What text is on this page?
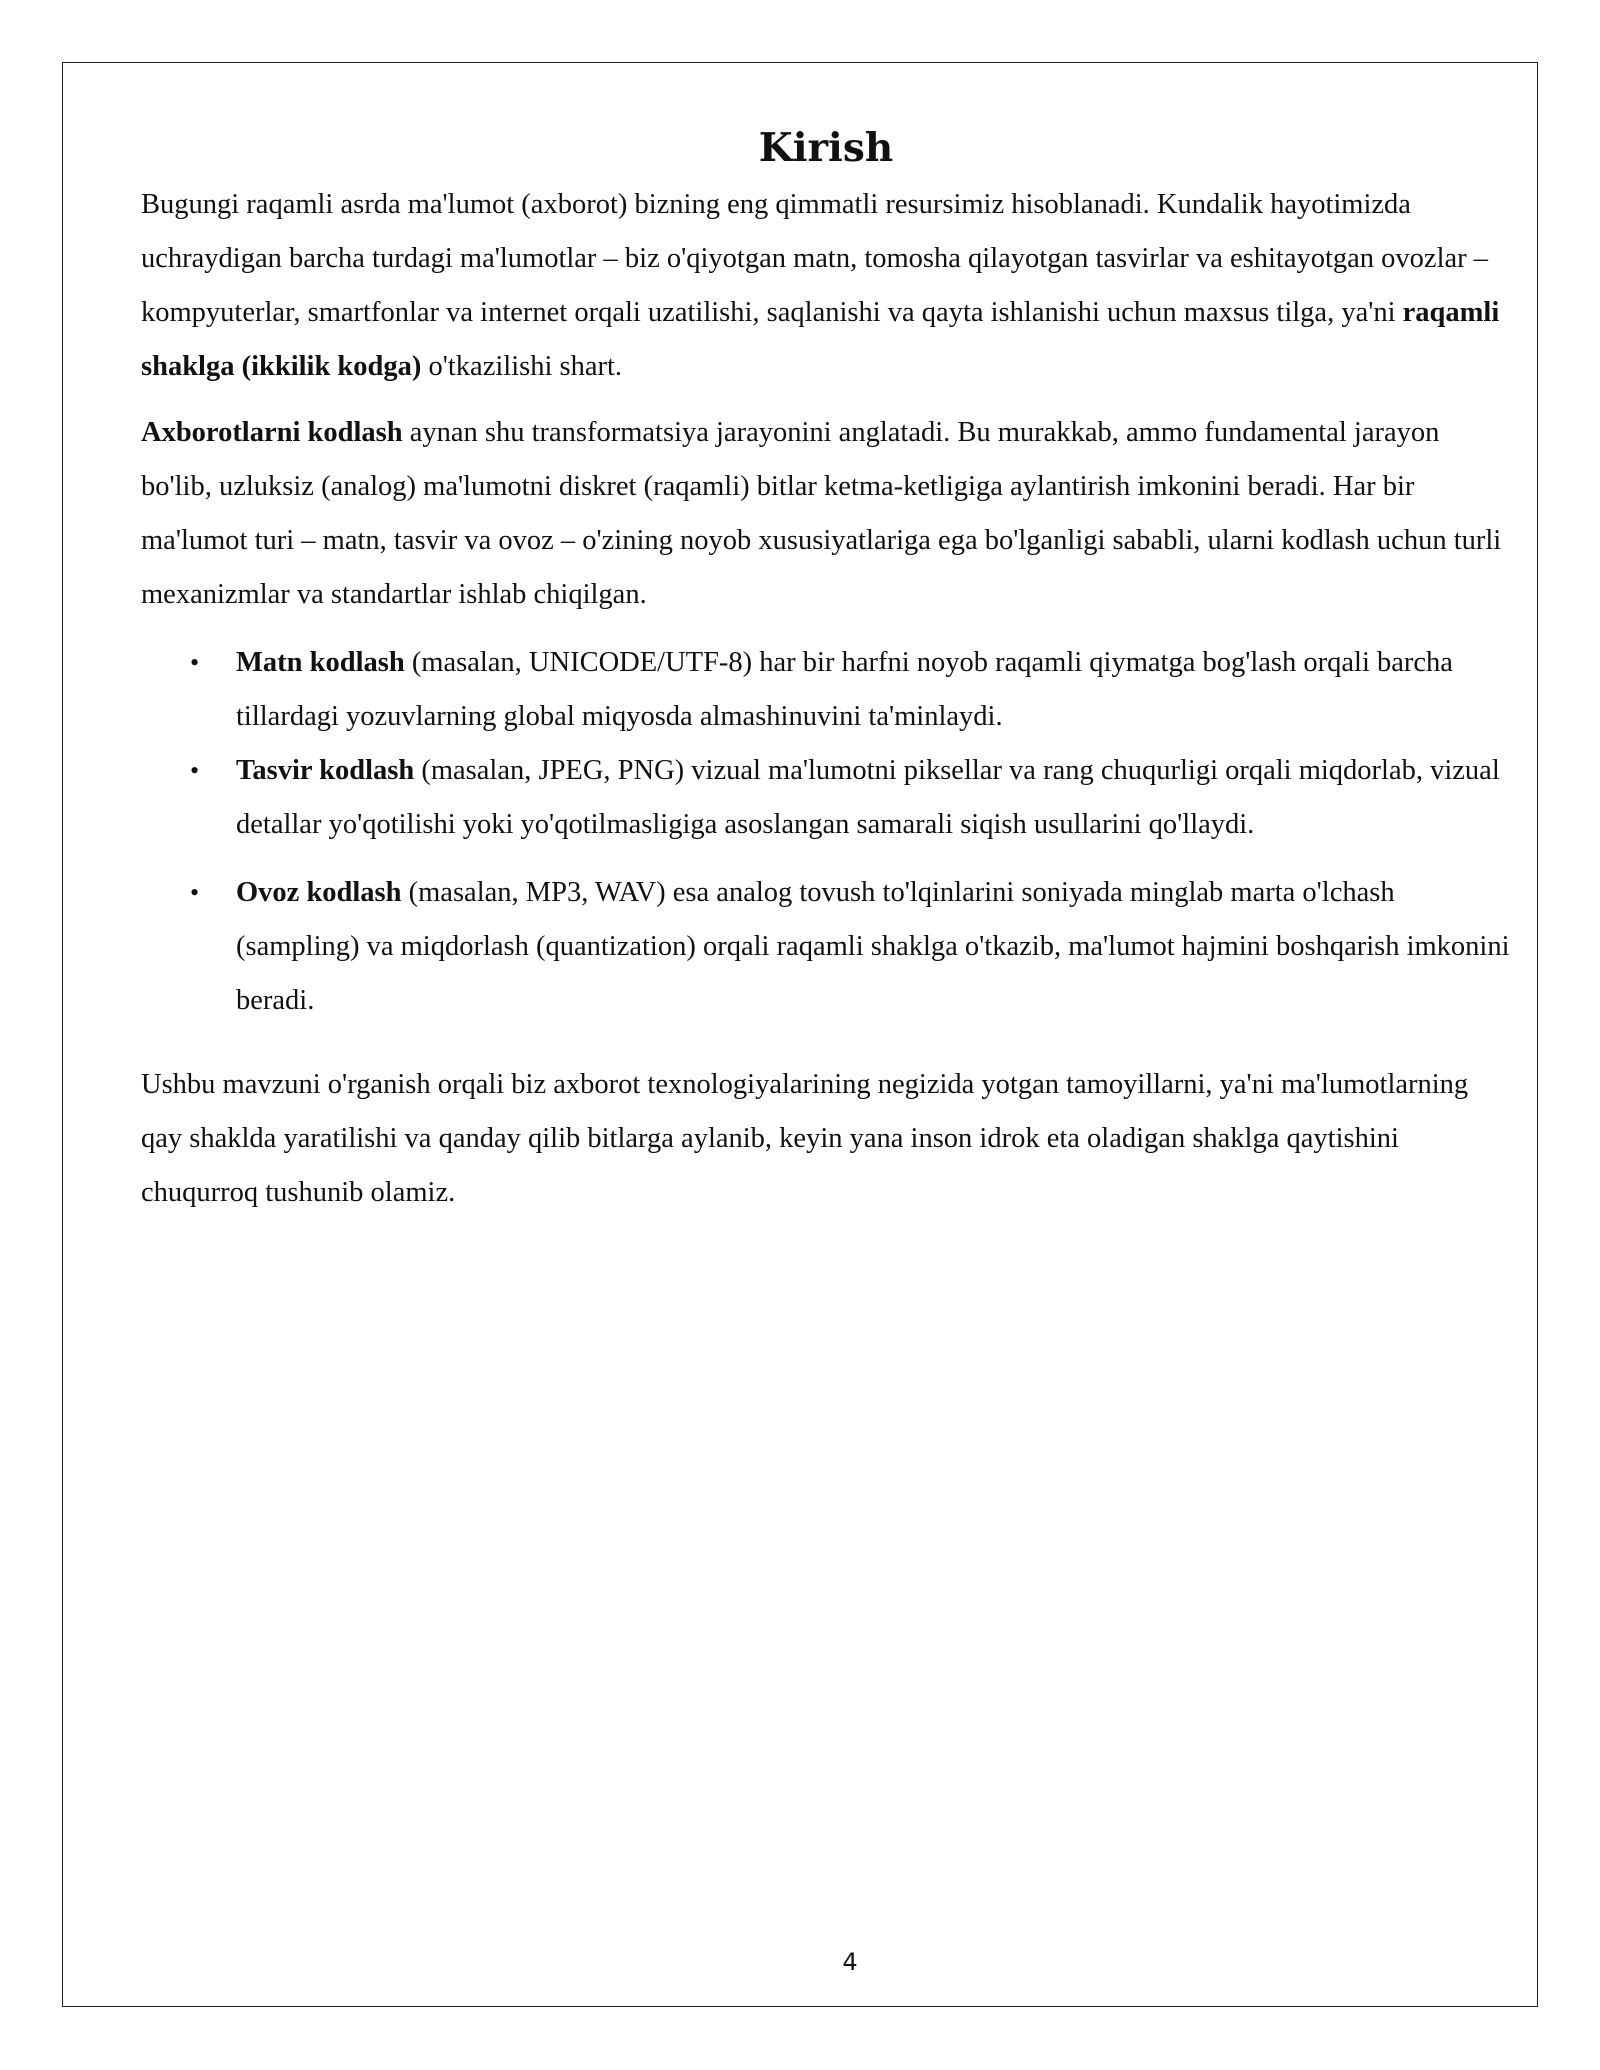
Kirish

Bugungi raqamli asrda ma'lumot (axborot) bizning eng qimmatli resursimiz hisoblanadi. Kundalik hayotimizda uchraydigan barcha turdagi ma'lumotlar – biz o'qiyotgan matn, tomosha qilayotgan tasvirlar va eshitayotgan ovozlar – kompyuterlar, smartfonlar va internet orqali uzatilishi, saqlanishi va qayta ishlanishi uchun maxsus tilga, ya'ni raqamli shaklga (ikkilik kodga) o'tkazilishi shart.

Axborotlarni kodlash aynan shu transformatsiya jarayonini anglatadi. Bu murakkab, ammo fundamental jarayon bo'lib, uzluksiz (analog) ma'lumotni diskret (raqamli) bitlar ketma-ketligiga aylantirish imkonini beradi. Har bir ma'lumot turi – matn, tasvir va ovoz – o'zining noyob xususiyatlariga ega bo'lganligi sababli, ularni kodlash uchun turli mexanizmlar va standartlar ishlab chiqilgan.

• Matn kodlash (masalan, UNICODE/UTF-8) har bir harfni noyob raqamli qiymatga bog'lash orqali barcha tillardagi yozuvlarning global miqyosda almashinuvini ta'minlaydi.
• Tasvir kodlash (masalan, JPEG, PNG) vizual ma'lumotni piksellar va rang chuqurligi orqali miqdorlab, vizual detallar yo'qotilishi yoki yo'qotilmasligiga asoslangan samarali siqish usullarini qo'llaydi.
• Ovoz kodlash (masalan, MP3, WAV) esa analog tovush to'lqinlarini soniyada minglab marta o'lchash (sampling) va miqdorlash (quantization) orqali raqamli shaklga o'tkazib, ma'lumot hajmini boshqarish imkonini beradi.

Ushbu mavzuni o'rganish orqali biz axborot texnologiyalarining negizida yotgan tamoyillarni, ya'ni ma'lumotlarning qay shaklda yaratilishi va qanday qilib bitlarga aylanib, keyin yana inson idrok eta oladigan shaklga qaytishini chuqurroq tushunib olamiz.

4
